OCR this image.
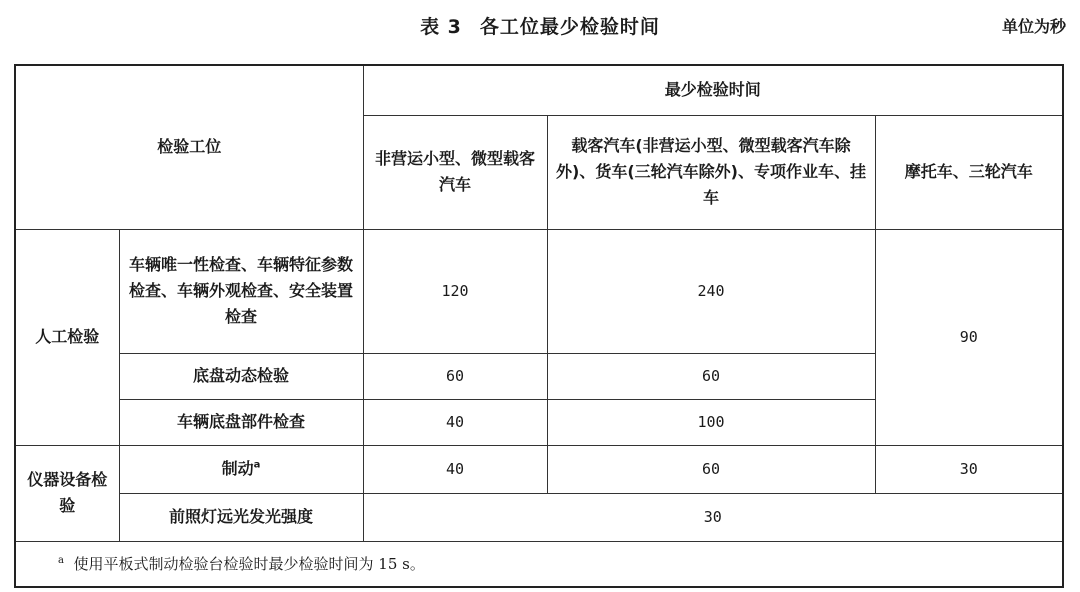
表 3 各工位最少检验时间	单位为秒
检验工位		最少检验时间		
		非营运小型、微型载客汽车	载客汽车(非营运小型、微型载客汽车除外)、货车(三轮汽车除外)、专项作业车、挂车	摩托车、三轮汽车
人工检验	车辆唯一性检查、车辆特征参数检查、车辆外观检查、安全装置检查	120	240	90
	底盘动态检验	60	60	
	车辆底盘部件检查	40	100	
仪器设备检验	制动$^a$	40	60	30
	前照灯远光发光强度	30		
$^a$ 使用平板式制动检验台检验时最少检验时间为 15 s。				
